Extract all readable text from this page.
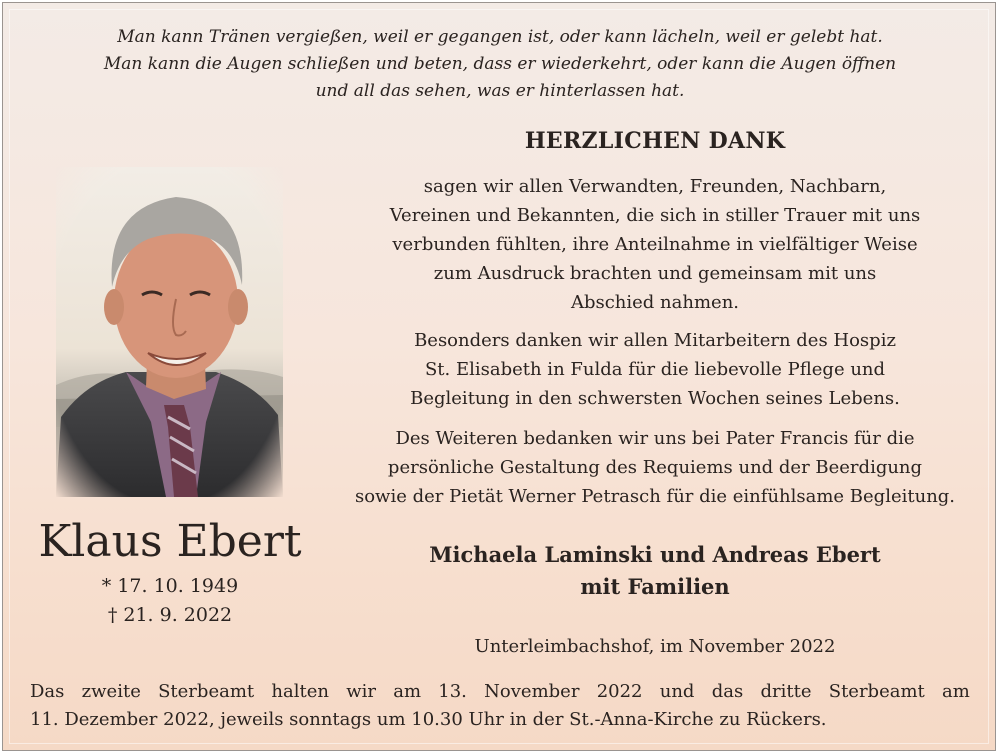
Man kann Tränen vergießen, weil er gegangen ist, oder kann lächeln, weil er gelebt hat.
Man kann die Augen schließen und beten, dass er wiederkehrt, oder kann die Augen öffnen
und all das sehen, was er hinterlassen hat.
HERZLICHEN DANK
sagen wir allen Verwandten, Freunden, Nachbarn,
Vereinen und Bekannten, die sich in stiller Trauer mit uns
verbunden fühlten, ihre Anteilnahme in vielfältiger Weise
zum Ausdruck brachten und gemeinsam mit uns
Abschied nahmen.
Besonders danken wir allen Mitarbeitern des Hospiz
St. Elisabeth in Fulda für die liebevolle Pflege und
Begleitung in den schwersten Wochen seines Lebens.
Des Weiteren bedanken wir uns bei Pater Francis für die
persönliche Gestaltung des Requiems und der Beerdigung
sowie der Pietät Werner Petrasch für die einfühlsame Begleitung.
Klaus Ebert
* 17. 10. 1949
† 21. 9. 2022
Michaela Laminski und Andreas Ebert
mit Familien
Unterleimbachshof, im November 2022
Das zweite Sterbeamt halten wir am 13. November 2022 und das dritte Sterbeamt am
11. Dezember 2022, jeweils sonntags um 10.30 Uhr in der St.-Anna-Kirche zu Rückers.
